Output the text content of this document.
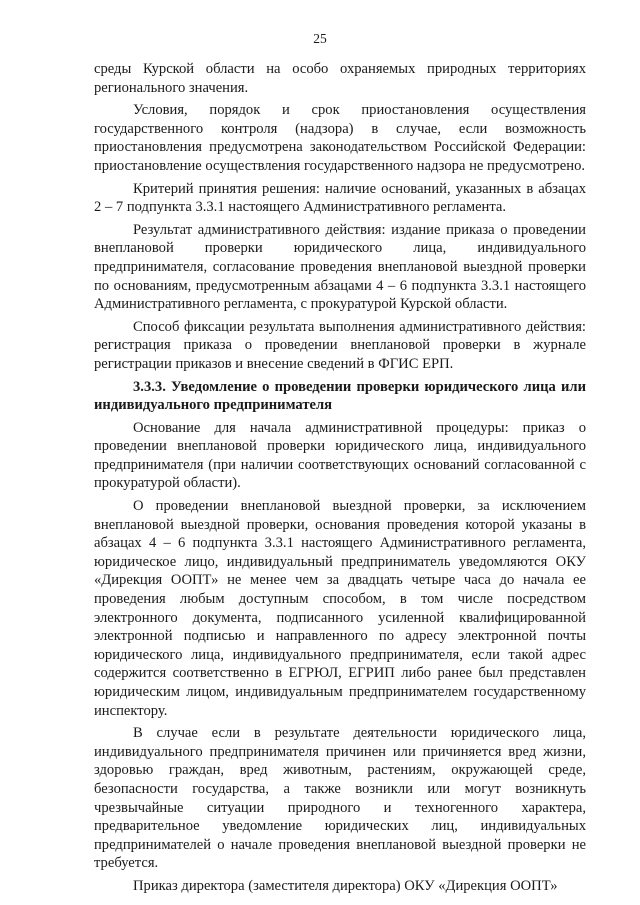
25

среды Курской области на особо охраняемых природных территориях регионального значения.

Условия, порядок и срок приостановления осуществления государственного контроля (надзора) в случае, если возможность приостановления предусмотрена законодательством Российской Федерации: приостановление осуществления государственного надзора не предусмотрено.

Критерий принятия решения: наличие оснований, указанных в абзацах 2 – 7 подпункта 3.3.1 настоящего Административного регламента.

Результат административного действия: издание приказа о проведении внеплановой проверки юридического лица, индивидуального предпринимателя, согласование проведения внеплановой выездной проверки по основаниям, предусмотренным абзацами 4 – 6 подпункта 3.3.1 настоящего Административного регламента, с прокуратурой Курской области.

Способ фиксации результата выполнения административного действия: регистрация приказа о проведении внеплановой проверки в журнале регистрации приказов и внесение сведений в ФГИС ЕРП.

3.3.3. Уведомление о проведении проверки юридического лица или индивидуального предпринимателя

Основание для начала административной процедуры: приказ о проведении внеплановой проверки юридического лица, индивидуального предпринимателя (при наличии соответствующих оснований согласованной с прокуратурой области).

О проведении внеплановой выездной проверки, за исключением внеплановой выездной проверки, основания проведения которой указаны в абзацах 4 – 6 подпункта 3.3.1 настоящего Административного регламента, юридическое лицо, индивидуальный предприниматель уведомляются ОКУ «Дирекция ООПТ» не менее чем за двадцать четыре часа до начала ее проведения любым доступным способом, в том числе посредством электронного документа, подписанного усиленной квалифицированной электронной подписью и направленного по адресу электронной почты юридического лица, индивидуального предпринимателя, если такой адрес содержится соответственно в ЕГРЮЛ, ЕГРИП либо ранее был представлен юридическим лицом, индивидуальным предпринимателем государственному инспектору.

В случае если в результате деятельности юридического лица, индивидуального предпринимателя причинен или причиняется вред жизни, здоровью граждан, вред животным, растениям, окружающей среде, безопасности государства, а также возникли или могут возникнуть чрезвычайные ситуации природного и техногенного характера, предварительное уведомление юридических лиц, индивидуальных предпринимателей о начале проведения внеплановой выездной проверки не требуется.

Приказ директора (заместителя директора) ОКУ «Дирекция ООПТ»
